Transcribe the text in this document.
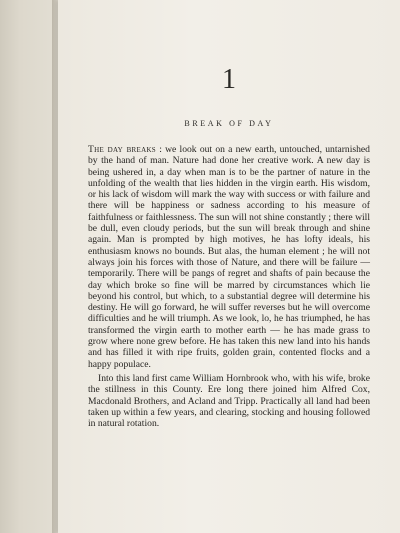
1
BREAK OF DAY

The day breaks : we look out on a new earth, untouched, untarnished by the hand of man. Nature had done her creative work. A new day is being ushered in, a day when man is to be the partner of nature in the unfolding of the wealth that lies hidden in the virgin earth. His wisdom, or his lack of wisdom will mark the way with success or with failure and there will be happiness or sadness according to his measure of faithfulness or faithlessness. The sun will not shine constantly ; there will be dull, even cloudy periods, but the sun will break through and shine again. Man is prompted by high motives, he has lofty ideals, his enthusiasm knows no bounds. But alas, the human element ; he will not always join his forces with those of Nature, and there will be failure — temporarily. There will be pangs of regret and shafts of pain because the day which broke so fine will be marred by circumstances which lie beyond his control, but which, to a substantial degree will determine his destiny. He will go forward, he will suffer reverses but he will overcome difficulties and he will triumph. As we look, lo, he has triumphed, he has transformed the virgin earth to mother earth — he has made grass to grow where none grew before. He has taken this new land into his hands and has filled it with ripe fruits, golden grain, contented flocks and a happy populace.

Into this land first came William Hornbrook who, with his wife, broke the stillness in this County. Ere long there joined him Alfred Cox, Macdonald Brothers, and Acland and Tripp. Practically all land had been taken up within a few years, and clearing, stocking and housing followed in natural rotation.
